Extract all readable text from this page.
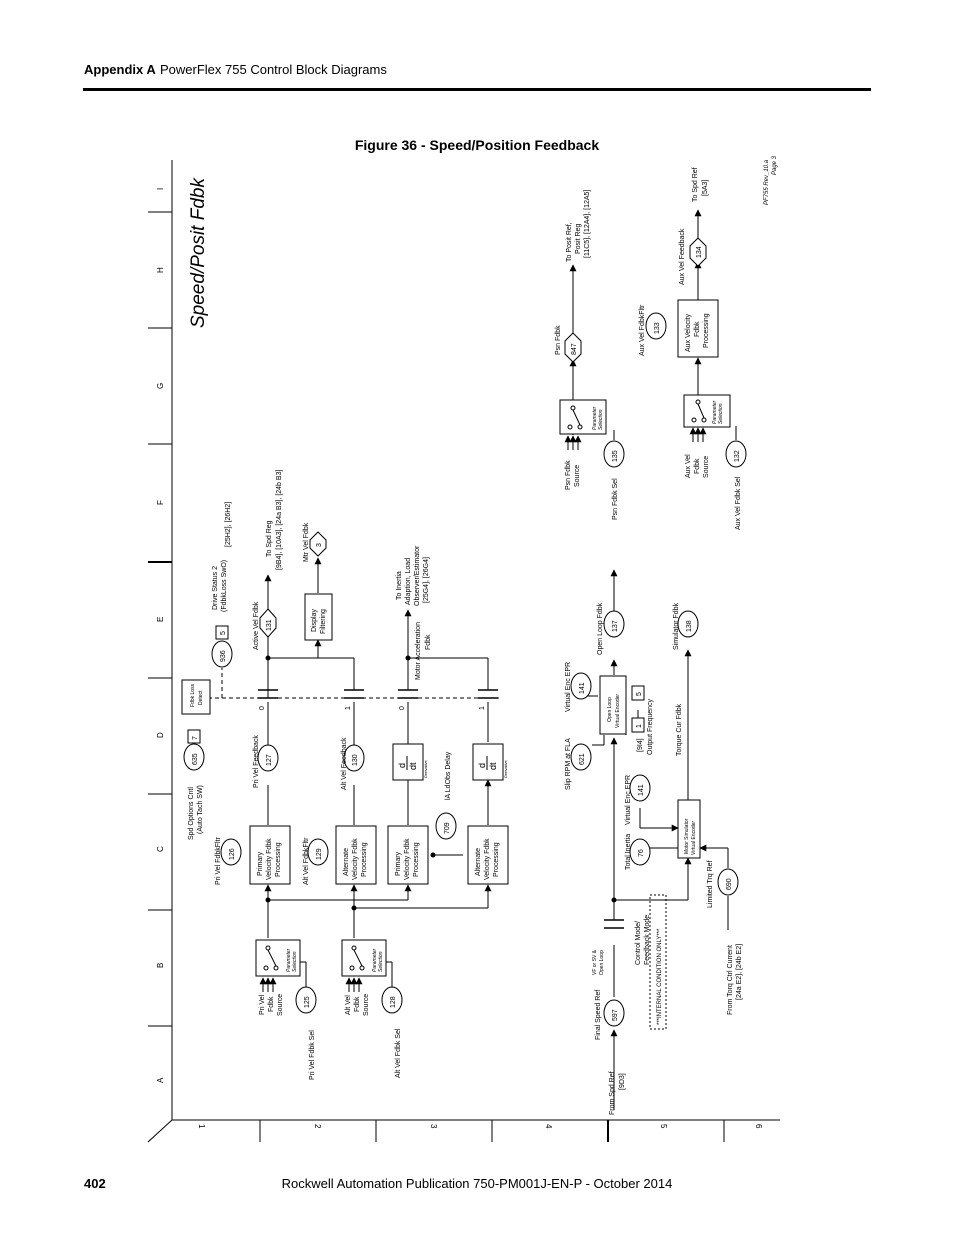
Appendix A PowerFlex 755 Control Block Diagrams
Figure 36 - Speed/Position Feedback
A
B
C
D
E
F
G
H
I
1	2	3	4	5	6
Speed/Posit Fdbk	PF755 Rev_10.a Page 3
0	1	0	1
Parameter Selection	Parameter Selection
Parameter Selection	Parameter Selection
Primary Velocity Fdbk Processing	Alternate Velocity Fdbk Processing	Primary Velocity Fdbk Processing	Alternate Velocity Fdbk Processing
d dt Derivative	d dt Derivative
Fdbk Loss Detect
Display Filtering
Motor Simulator Virtual Encoder
Open Loop Virtual Encoder
Aux Velocity Fdbk Processing
126
127
125
129
130
128
709
635
936
131
3
597
76
141
621
141
1
5
690
137	138
135
847
132
133
134
7
5
Pri Vel FdbkFltr
Pri Vel Fdbk Source
Pri Vel Fdbk Sel
Alt Vel FdbkFltr
Alt Vel Fdbk Source
Alt Vel Fdbk Sel
Pri Vel Feedback	Alt Vel Feedback
Spd Options Cntl (Auto Tach SW)
Drive Status 2 (FdbkLoss SwO)
[25H2], [26H2]
Active Vel Fdbk
To Spd Reg [9B4], [10A3], [24a B3], [24b B3]	Mtr Vel Fdbk
lA LdObs Delay
Motor Acceleration Fdbk
To Inertia Adaption, Load Observer/Estimator [25G4], [26G4]
From Spd Ref [9D3]
Final Speed Ref
VF or SV & Open Loop	Control Mode/ Feedback Mode ***INTERNAL CONDITION ONLY***
Total Inertia
Virtual Enc EPR
Slip RPM at FLA
Virtual Enc EPR
[9I4] Output Frequency	Torque Cur Fdbk
Limited Trq Ref
From Torq Ctrl Current [24a E2], [24b E2]
Open Loop Fdbk	Simulator Fdbk
Psn Fdbk Source
Psn Fdbk Sel
Psn Fdbk
To Posit Ref, Posit Reg [11C5], [12A4], [12A5]
Aux Vel Fdbk Source
Aux Vel Fdbk Sel
Aux Vel FdbkFltr
Aux Vel Feedback
To Spd Ref [5A3]
402	Rockwell Automation Publication 750-PM001J-EN-P - October 2014
